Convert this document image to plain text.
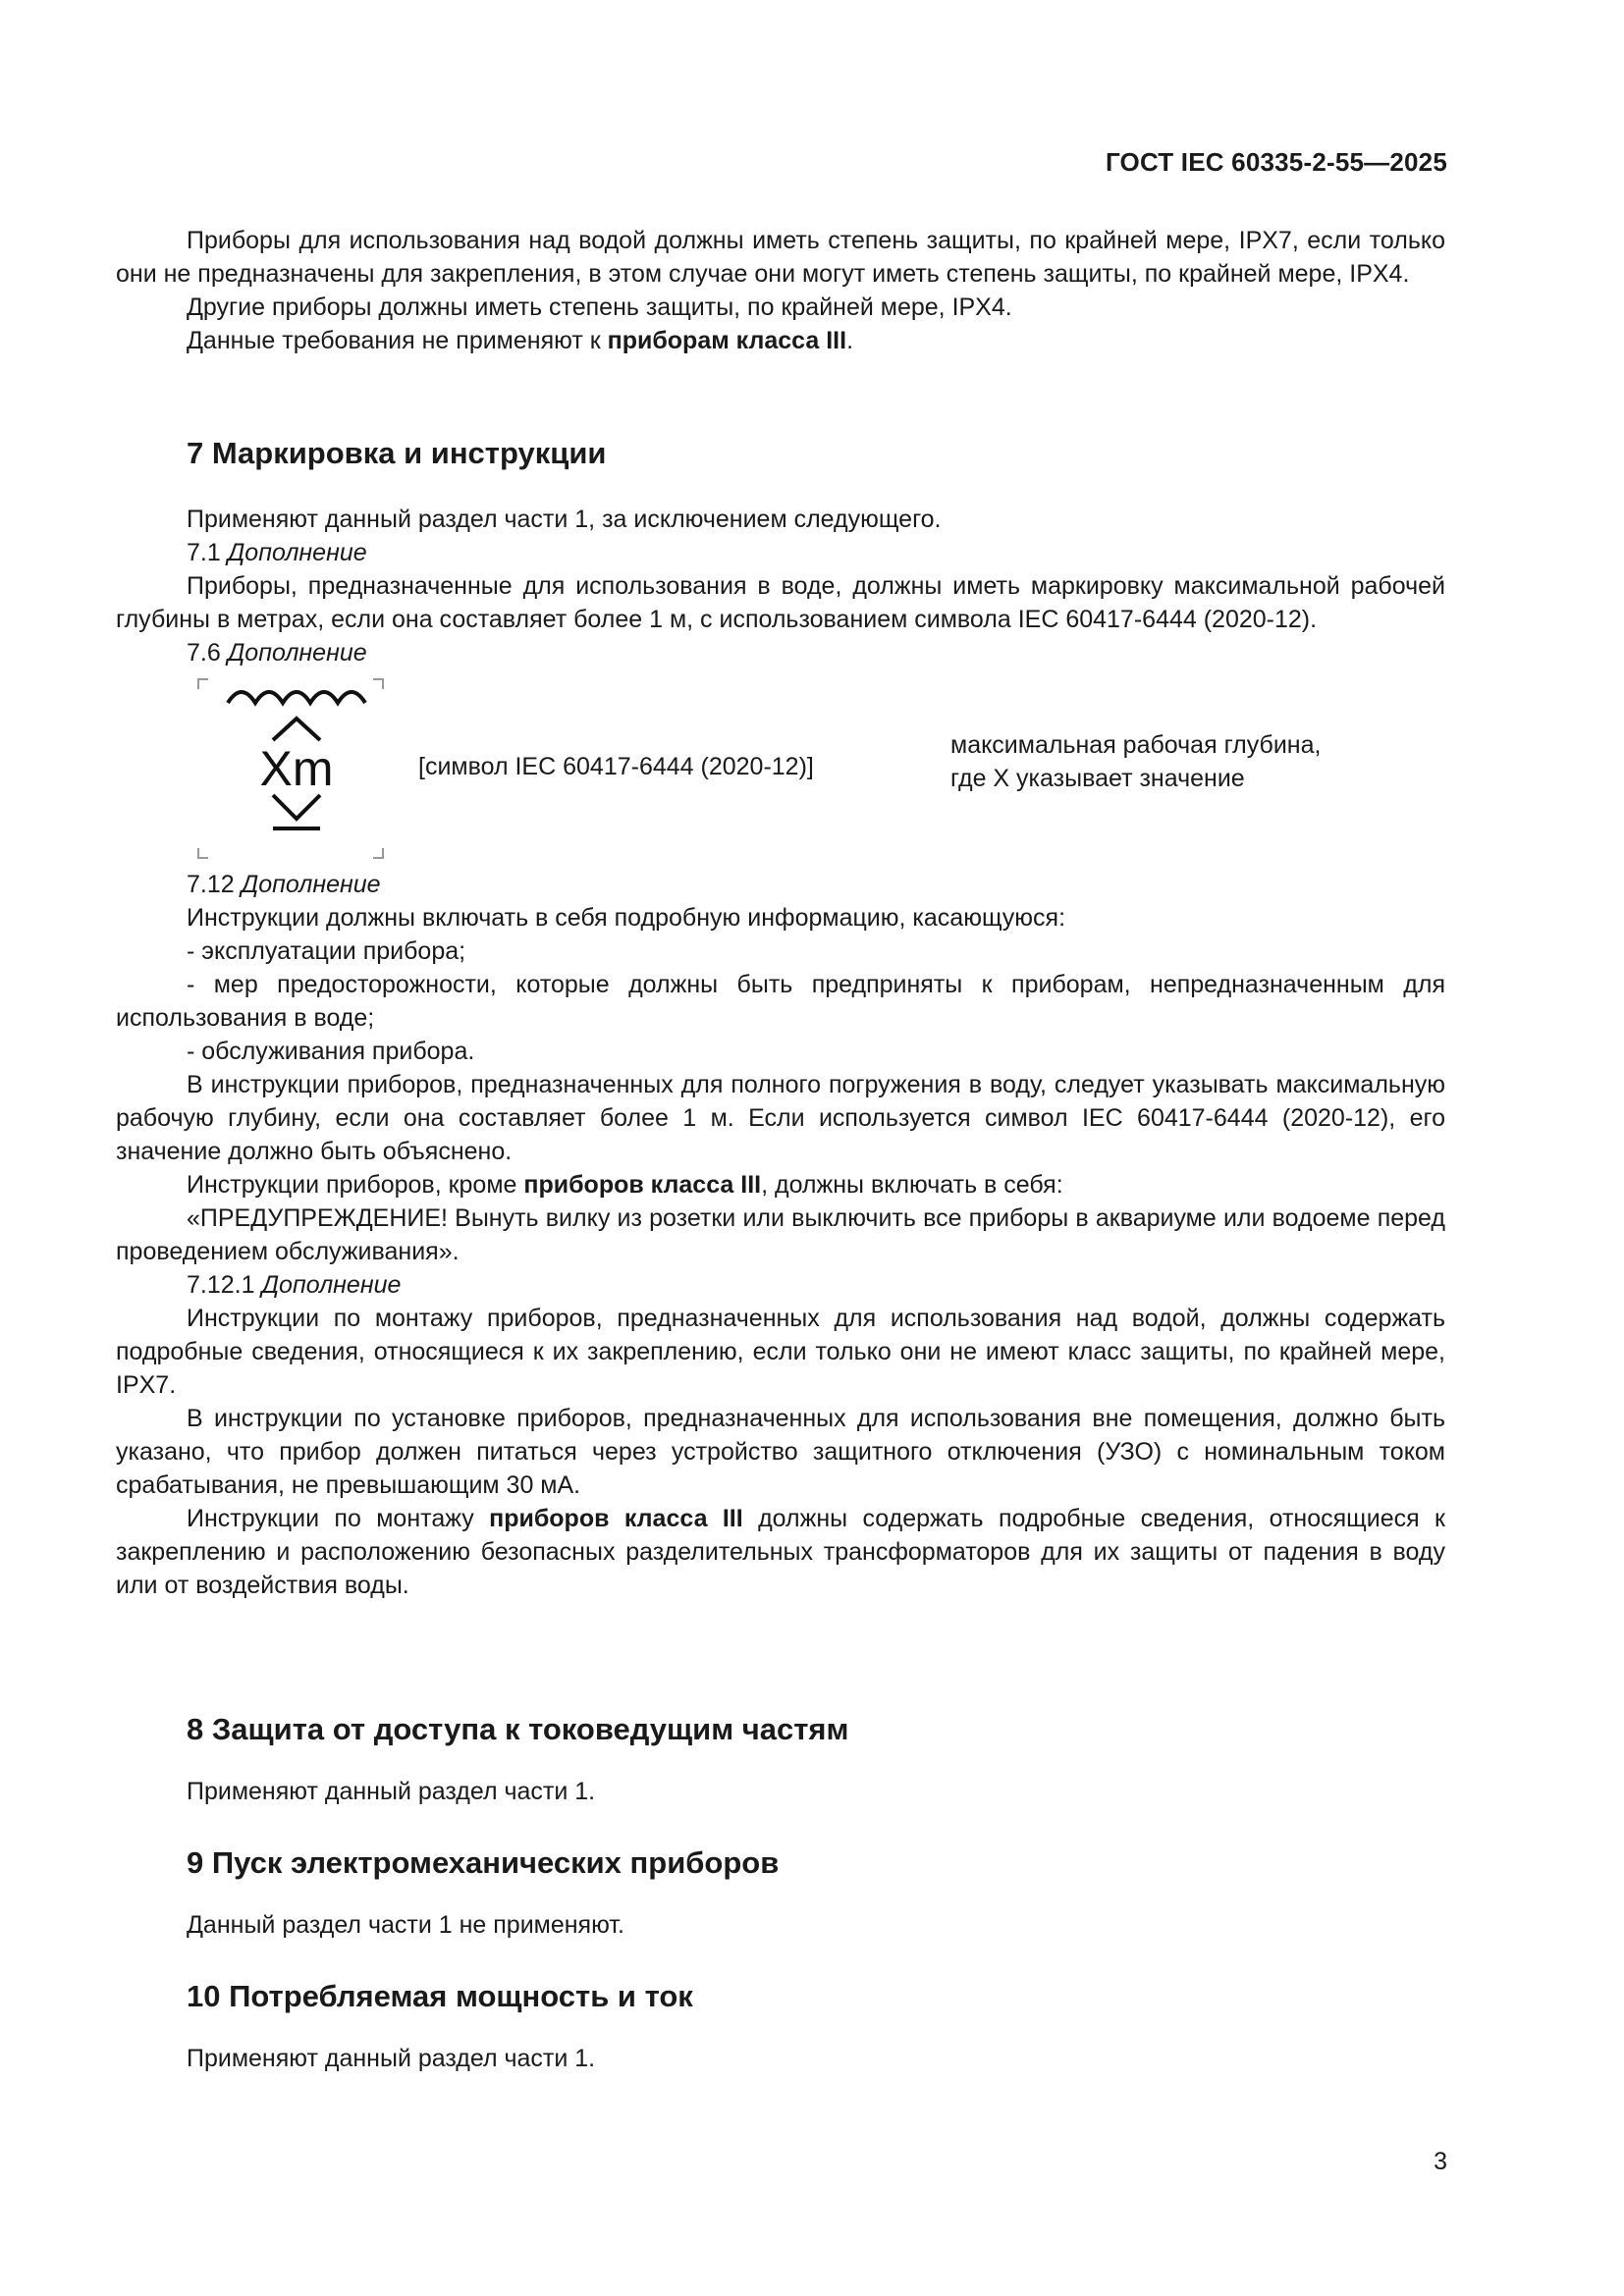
ГОСТ IEC 60335-2-55—2025

Приборы для использования над водой должны иметь степень защиты, по крайней мере, IPX7, если только они не предназначены для закрепления, в этом случае они могут иметь степень защиты, по крайней мере, IPX4.

Другие приборы должны иметь степень защиты, по крайней мере, IPX4.

Данные требования не применяют к приборам класса III.

7 Маркировка и инструкции

Применяют данный раздел части 1, за исключением следующего.

7.1 Дополнение

Приборы, предназначенные для использования в воде, должны иметь маркировку максимальной рабочей глубины в метрах, если она составляет более 1 м, с использованием символа IEC 60417-6444 (2020-12).

7.6 Дополнение

Xm	[символ IEC 60417-6444 (2020-12)]
максимальная рабочая глубина,
где X указывает значение

7.12 Дополнение

Инструкции должны включать в себя подробную информацию, касающуюся:

- эксплуатации прибора;

- мер предосторожности, которые должны быть предприняты к приборам, непредназначенным для использования в воде;

- обслуживания прибора.

В инструкции приборов, предназначенных для полного погружения в воду, следует указывать максимальную рабочую глубину, если она составляет более 1 м. Если используется символ IEC 60417-6444 (2020-12), его значение должно быть объяснено.

Инструкции приборов, кроме приборов класса III, должны включать в себя:

«ПРЕДУПРЕЖДЕНИЕ! Вынуть вилку из розетки или выключить все приборы в аквариуме или водоеме перед проведением обслуживания».

7.12.1 Дополнение

Инструкции по монтажу приборов, предназначенных для использования над водой, должны содержать подробные сведения, относящиеся к их закреплению, если только они не имеют класс защиты, по крайней мере, IPX7.

В инструкции по установке приборов, предназначенных для использования вне помещения, должно быть указано, что прибор должен питаться через устройство защитного отключения (УЗО) с номинальным током срабатывания, не превышающим 30 мА.

Инструкции по монтажу приборов класса III должны содержать подробные сведения, относящиеся к закреплению и расположению безопасных разделительных трансформаторов для их защиты от падения в воду или от воздействия воды.

8 Защита от доступа к токоведущим частям

Применяют данный раздел части 1.

9 Пуск электромеханических приборов

Данный раздел части 1 не применяют.

10 Потребляемая мощность и ток

Применяют данный раздел части 1.

3
